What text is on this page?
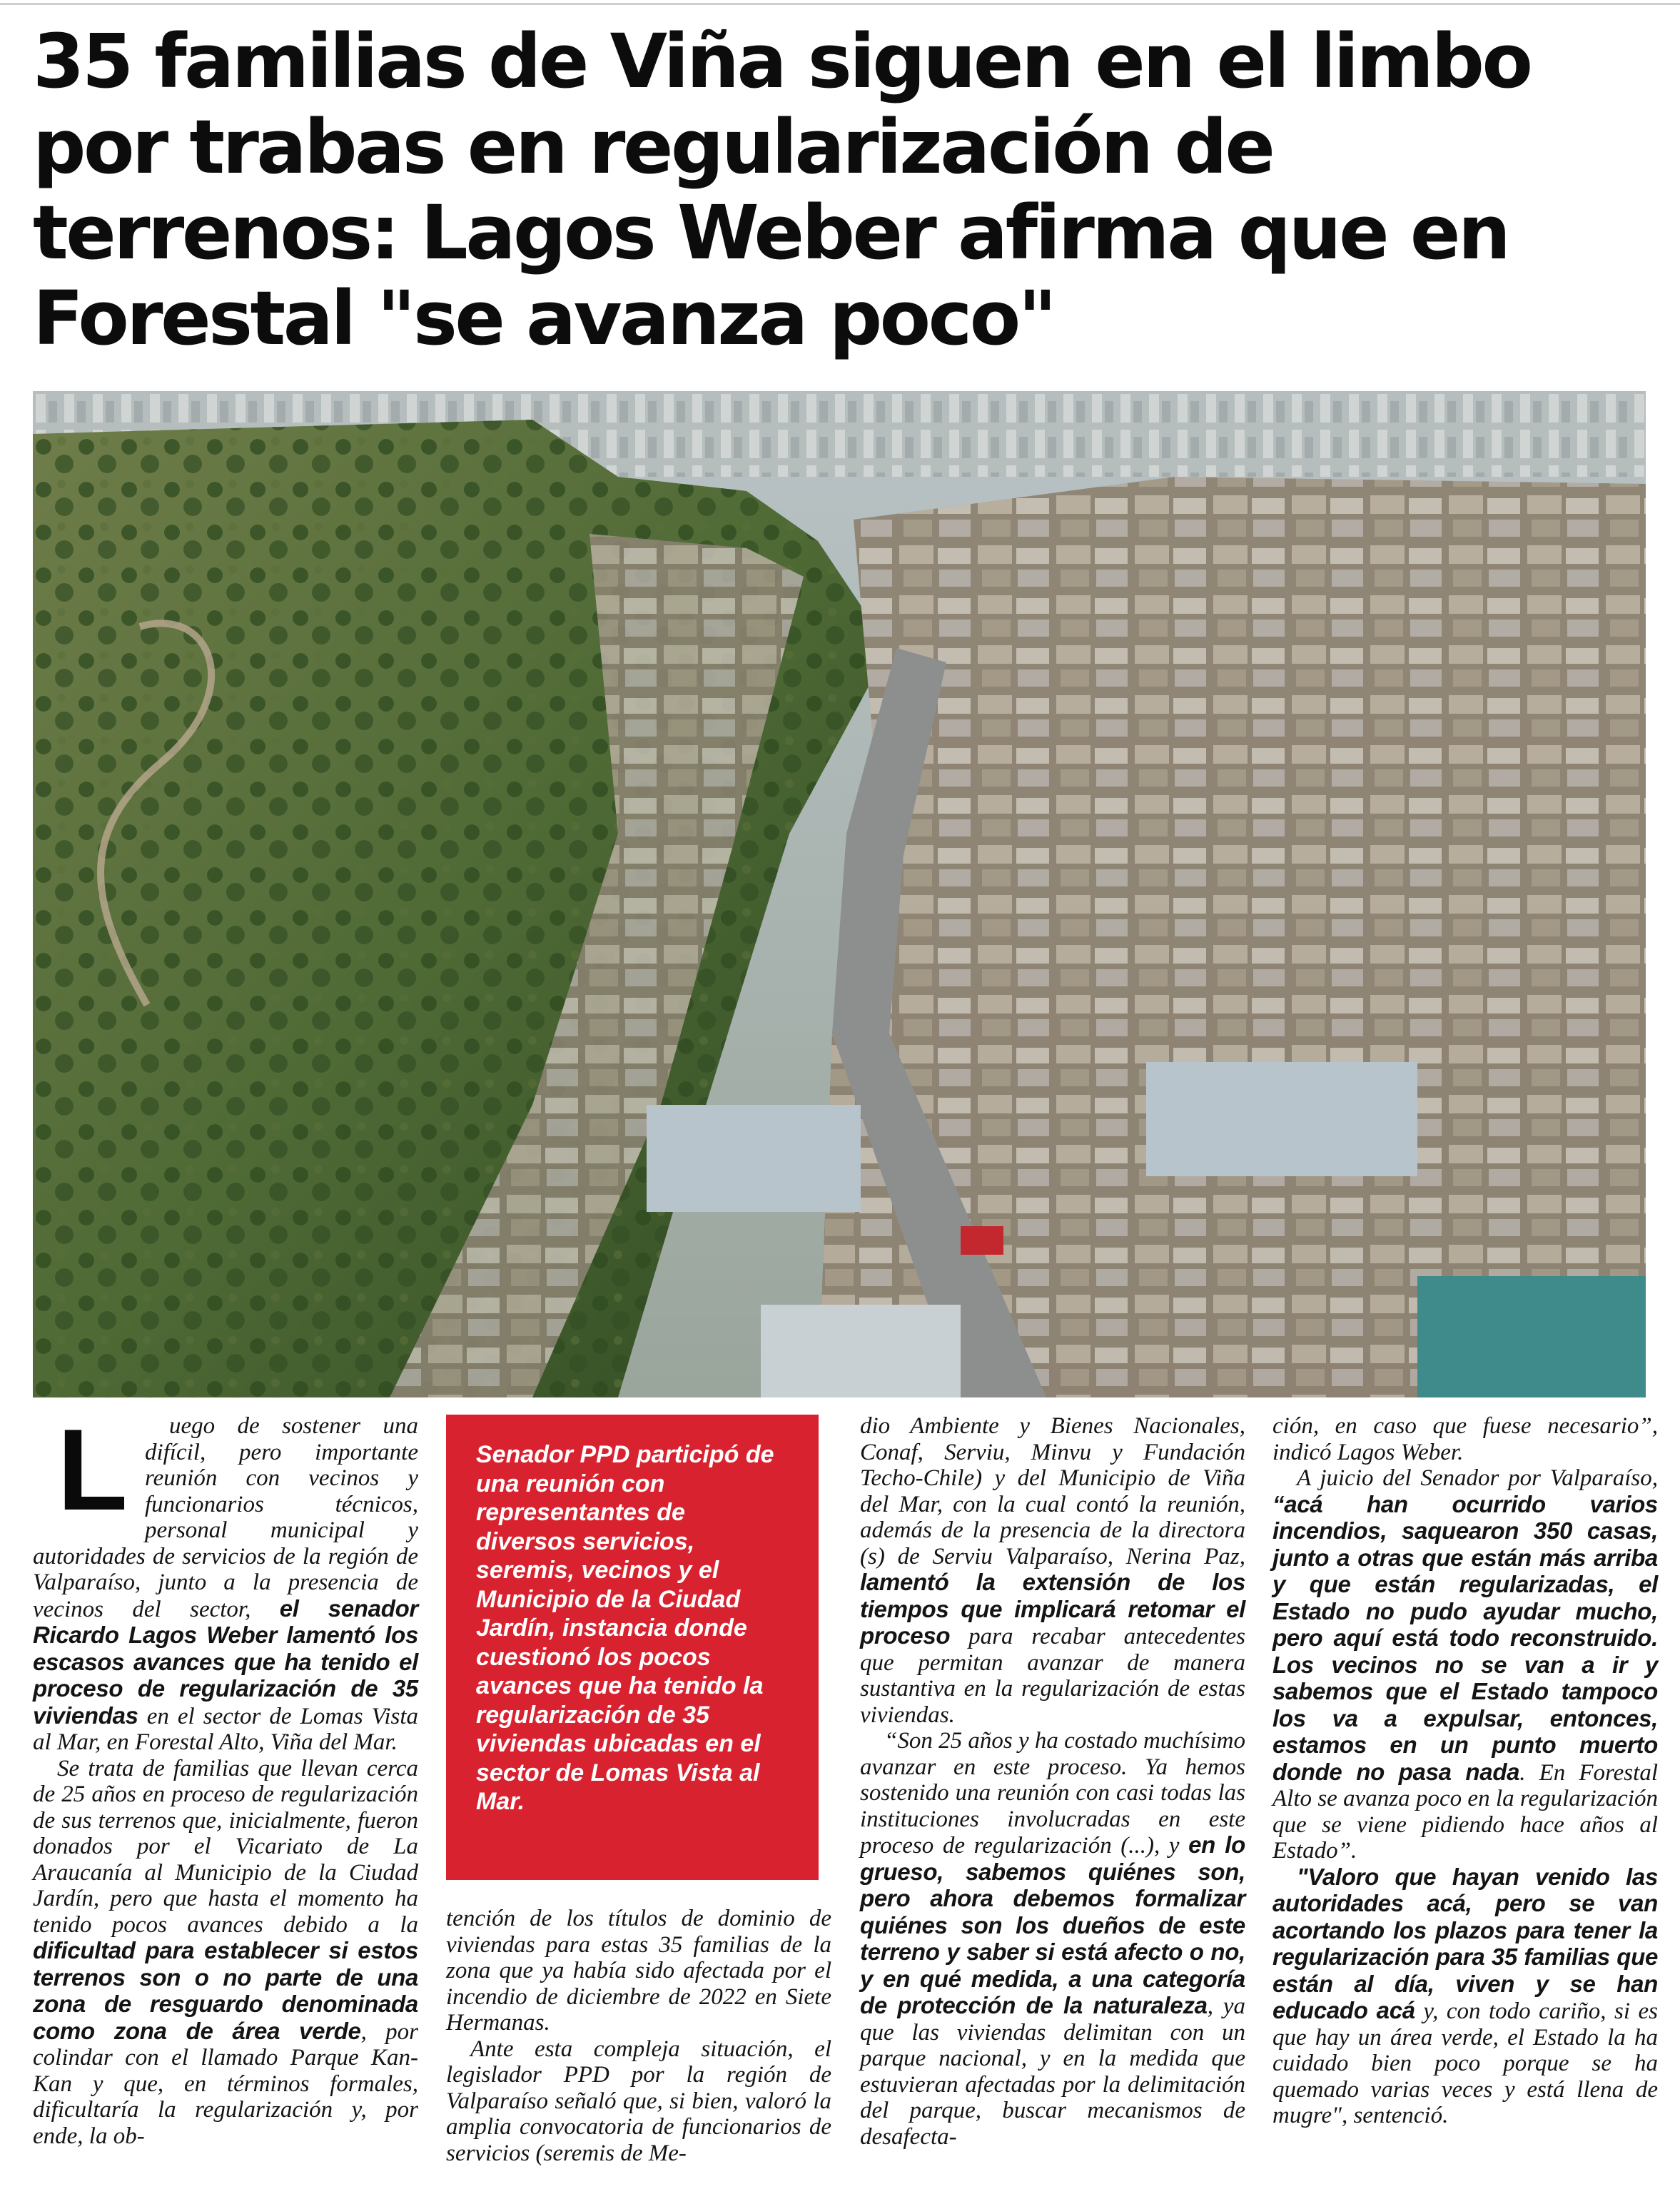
35 familias de Viña siguen en el limbo
por trabas en regularización de
terrenos: Lagos Weber afirma que en
Forestal "se avanza poco"

Senador PPD participó de una reunión con representantes de diversos servicios, seremis, vecinos y el Municipio de la Ciudad Jardín, instancia donde cuestionó los pocos avances que ha tenido la regularización de 35 viviendas ubicadas en el sector de Lomas Vista al Mar.

L uego de sostener una difícil, pero importante reunión con vecinos y funcionarios técnicos, personal municipal y autoridades de servicios de la región de Valparaíso, junto a la presencia de vecinos del sector, el senador Ricardo Lagos Weber lamentó los escasos avances que ha tenido el proceso de regularización de 35 viviendas en el sector de Lomas Vista al Mar, en Forestal Alto, Viña del Mar.

Se trata de familias que llevan cerca de 25 años en proceso de regularización de sus terrenos que, inicialmente, fueron donados por el Vicariato de La Araucanía al Municipio de la Ciudad Jardín, pero que hasta el momento ha tenido pocos avances debido a la dificultad para establecer si estos terrenos son o no parte de una zona de resguardo denominada como zona de área verde, por colindar con el llamado Parque Kan-Kan y que, en términos formales, dificultaría la regularización y, por ende, la ob-

tención de los títulos de dominio de viviendas para estas 35 familias de la zona que ya había sido afectada por el incendio de diciembre de 2022 en Siete Hermanas.

Ante esta compleja situación, el legislador PPD por la región de Valparaíso señaló que, si bien, valoró la amplia convocatoria de funcionarios de servicios (seremis de Me-

dio Ambiente y Bienes Nacionales, Conaf, Serviu, Minvu y Fundación Techo-Chile) y del Municipio de Viña del Mar, con la cual contó la reunión, además de la presencia de la directora (s) de Serviu Valparaíso, Nerina Paz, lamentó la extensión de los tiempos que implicará retomar el proceso para recabar antecedentes que permitan avanzar de manera sustantiva en la regularización de estas viviendas.

“Son 25 años y ha costado muchísimo avanzar en este proceso. Ya hemos sostenido una reunión con casi todas las instituciones involucradas en este proceso de regularización (...), y en lo grueso, sabemos quiénes son, pero ahora debemos formalizar quiénes son los dueños de este terreno y saber si está afecto o no, y en qué medida, a una categoría de protección de la naturaleza, ya que las viviendas delimitan con un parque nacional, y en la medida que estuvieran afectadas por la delimitación del parque, buscar mecanismos de desafecta-

ción, en caso que fuese necesario”, indicó Lagos Weber.

A juicio del Senador por Valparaíso, “acá han ocurrido varios incendios, saquearon 350 casas, junto a otras que están más arriba y que están regularizadas, el Estado no pudo ayudar mucho, pero aquí está todo reconstruido. Los vecinos no se van a ir y sabemos que el Estado tampoco los va a expulsar, entonces, estamos en un punto muerto donde no pasa nada. En Forestal Alto se avanza poco en la regularización que se viene pidiendo hace años al Estado”.

"Valoro que hayan venido las autoridades acá, pero se van acortando los plazos para tener la regularización para 35 familias que están al día, viven y se han educado acá y, con todo cariño, si es que hay un área verde, el Estado la ha cuidado bien poco porque se ha quemado varias veces y está llena de mugre", sentenció.
